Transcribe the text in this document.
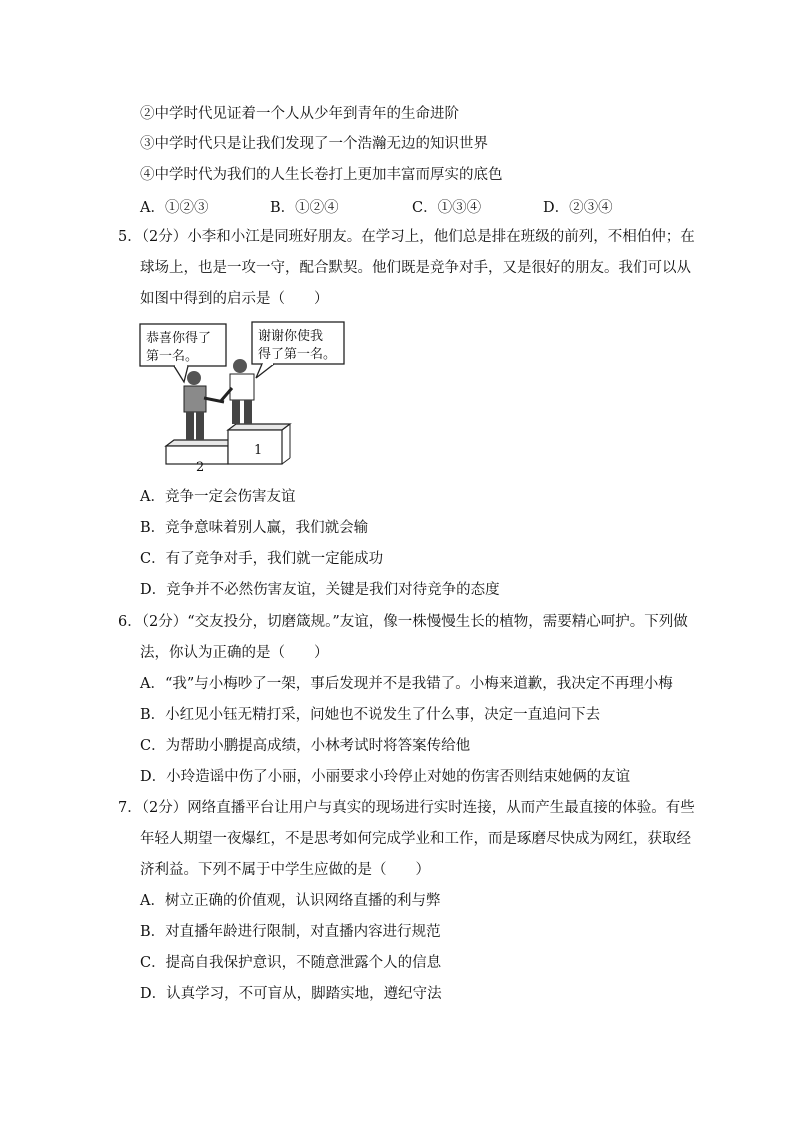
②中学时代见证着一个人从少年到青年的生命进阶
③中学时代只是让我们发现了一个浩瀚无边的知识世界
④中学时代为我们的人生长卷打上更加丰富而厚实的底色
A．①②③	B．①②④	C．①③④	D．②③④
5．（2分）小李和小江是同班好朋友。在学习上，他们总是排在班级的前列，不相伯仲；在
球场上，也是一攻一守，配合默契。他们既是竞争对手，又是很好的朋友。我们可以从
如图中得到的启示是（　　）
恭喜你得了
第一名。
谢谢你使我
得了第一名。
1
2
A．竞争一定会伤害友谊
B．竞争意味着别人赢，我们就会输
C．有了竞争对手，我们就一定能成功
D．竞争并不必然伤害友谊，关键是我们对待竞争的态度
6．（2分）“交友投分，切磨箴规。”友谊，像一株慢慢生长的植物，需要精心呵护。下列做
法，你认为正确的是（　　）
A．“我”与小梅吵了一架，事后发现并不是我错了。小梅来道歉，我决定不再理小梅
B．小红见小钰无精打采，问她也不说发生了什么事，决定一直追问下去
C．为帮助小鹏提高成绩，小林考试时将答案传给他
D．小玲造谣中伤了小丽，小丽要求小玲停止对她的伤害否则结束她俩的友谊
7．（2分）网络直播平台让用户与真实的现场进行实时连接，从而产生最直接的体验。有些
年轻人期望一夜爆红，不是思考如何完成学业和工作，而是琢磨尽快成为网红，获取经
济利益。下列不属于中学生应做的是（　　）
A．树立正确的价值观，认识网络直播的利与弊
B．对直播年龄进行限制，对直播内容进行规范
C．提高自我保护意识，不随意泄露个人的信息
D．认真学习，不可盲从，脚踏实地，遵纪守法
